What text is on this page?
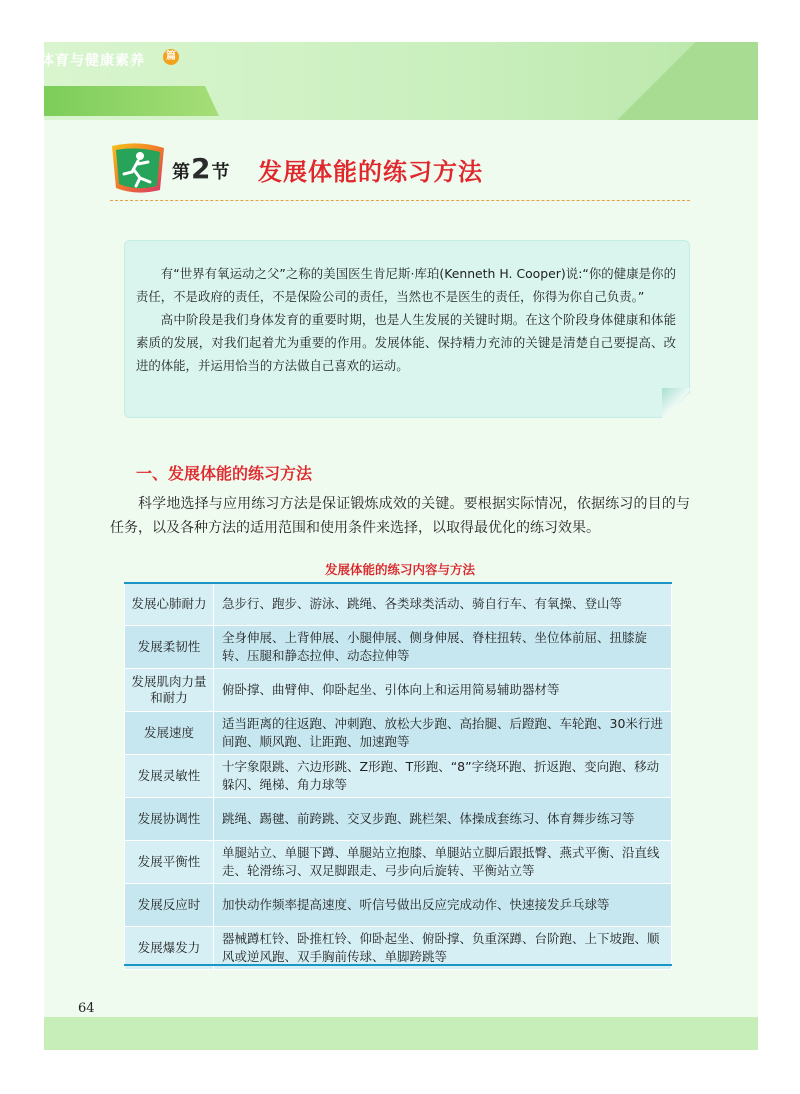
体育与健康素养	篇
第2节 发展体能的练习方法

有“世界有氧运动之父”之称的美国医生肯尼斯·库珀(Kenneth H. Cooper)说:“你的健康是你的责任，不是政府的责任，不是保险公司的责任，当然也不是医生的责任，你得为你自己负责。”

高中阶段是我们身体发育的重要时期，也是人生发展的关键时期。在这个阶段身体健康和体能素质的发展，对我们起着尤为重要的作用。发展体能、保持精力充沛的关键是清楚自己要提高、改进的体能，并运用恰当的方法做自己喜欢的运动。

一、发展体能的练习方法
科学地选择与应用练习方法是保证锻炼成效的关键。要根据实际情况，依据练习的目的与任务，以及各种方法的适用范围和使用条件来选择，以取得最优化的练习效果。
发展体能的练习内容与方法
发展心肺耐力	急步行、跑步、游泳、跳绳、各类球类活动、骑自行车、有氧操、登山等
发展柔韧性	全身伸展、上背伸展、小腿伸展、侧身伸展、脊柱扭转、坐位体前屈、扭膝旋转、压腿和静态拉伸、动态拉伸等
发展肌肉力量和耐力	俯卧撑、曲臂伸、仰卧起坐、引体向上和运用简易辅助器材等
发展速度	适当距离的往返跑、冲刺跑、放松大步跑、高抬腿、后蹬跑、车轮跑、30米行进间跑、顺风跑、让距跑、加速跑等
发展灵敏性	十字象限跳、六边形跳、Z形跑、T形跑、“8”字绕环跑、折返跑、变向跑、移动躲闪、绳梯、角力球等
发展协调性	跳绳、踢毽、前跨跳、交叉步跑、跳栏架、体操成套练习、体育舞步练习等
发展平衡性	单腿站立、单腿下蹲、单腿站立抱膝、单腿站立脚后跟抵臀、燕式平衡、沿直线走、轮滑练习、双足脚跟走、弓步向后旋转、平衡站立等
发展反应时	加快动作频率提高速度、听信号做出反应完成动作、快速接发乒乓球等
发展爆发力	器械蹲杠铃、卧推杠铃、仰卧起坐、俯卧撑、负重深蹲、台阶跑、上下坡跑、顺风或逆风跑、双手胸前传球、单脚跨跳等
64
